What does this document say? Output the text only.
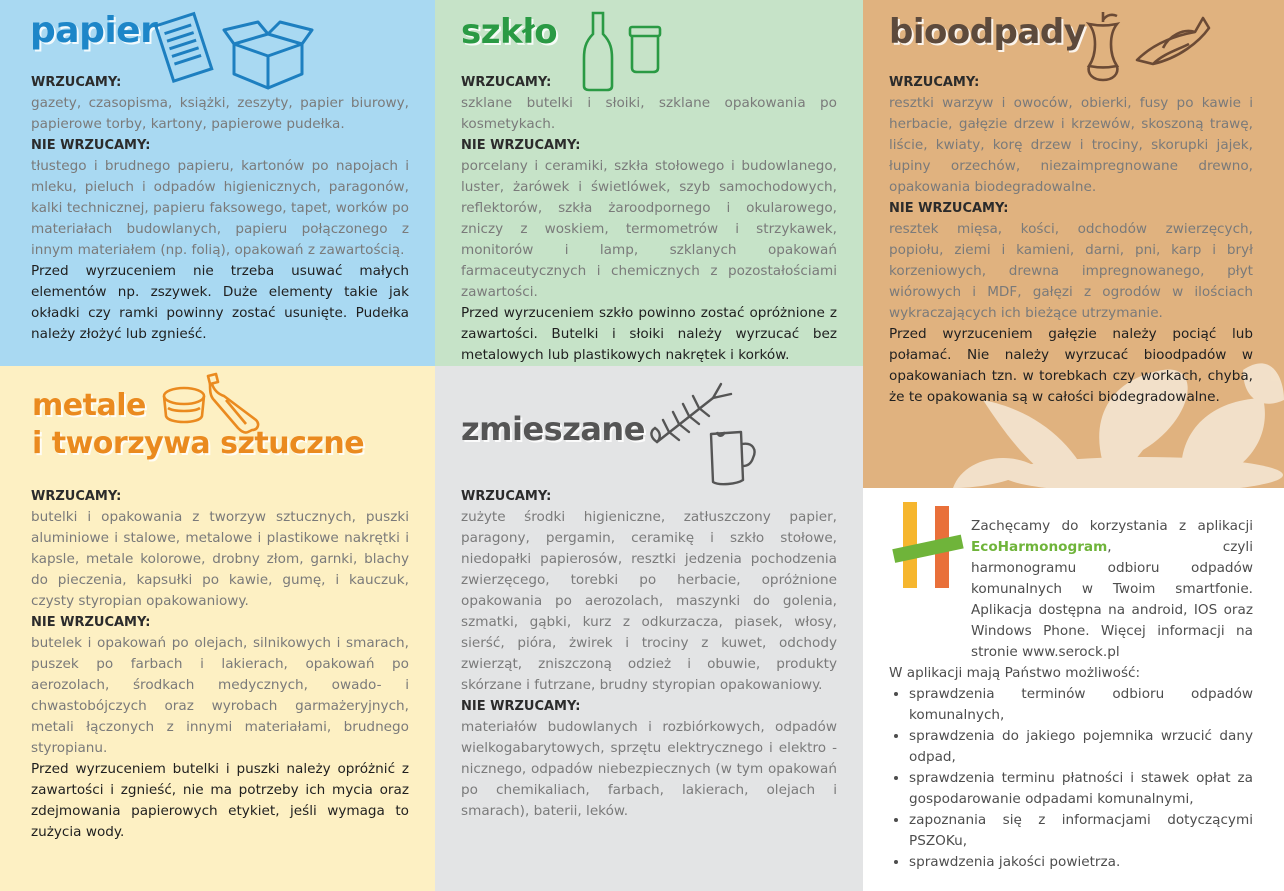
papier
WRZUCAMY:
gazety, czasopisma, książki, zeszyty, papier biurowy, papierowe torby, kartony, papierowe pudełka.
NIE WRZUCAMY:
tłustego i brudnego papieru, kartonów po napojach i mleku, pieluch i odpadów higienicznych, paragonów, kalki technicznej, papieru faksowego, tapet, worków po materiałach budowlanych, papieru połączonego z innym materiałem (np. folią), opakowań z zawartością.
Przed wyrzuceniem nie trzeba usuwać małych elementów np. zszywek. Duże elementy takie jak okładki czy ramki powinny zostać usunięte. Pudełka należy złożyć lub zgnieść.
szkło
WRZUCAMY:
szklane butelki i słoiki, szklane opakowania po kosmetykach.
NIE WRZUCAMY:
porcelany i ceramiki, szkła stołowego i budowlanego, luster, żarówek i świetlówek, szyb samochodowych, reflektorów, szkła żaroodpornego i okularowego, zniczy z woskiem, termometrów i strzykawek, monitorów i lamp, szklanych opakowań farmaceutycznych i chemicznych z pozostałościami zawartości.
Przed wyrzuceniem szkło powinno zostać opróżnione z zawartości. Butelki i słoiki należy wyrzucać bez metalowych lub plastikowych nakrętek i korków.
bioodpady
WRZUCAMY:
resztki warzyw i owoców, obierki, fusy po kawie i herbacie, gałęzie drzew i krzewów, skoszoną trawę, liście, kwiaty, korę drzew i trociny, skorupki jajek, łupiny orzechów, niezaimpregnowane drewno, opakowania biodegradowalne.
NIE WRZUCAMY:
resztek mięsa, kości, odchodów zwierzęcych, popiołu, ziemi i kamieni, darni, pni, karp i brył korzeniowych, drewna impregnowanego, płyt wiórowych i MDF, gałęzi z ogrodów w ilościach wykraczających ich bieżące utrzymanie.
Przed wyrzuceniem gałęzie należy pociąć lub połamać. Nie należy wyrzucać bioodpadów w opakowaniach tzn. w torebkach czy workach, chyba, że te opakowania są w całości biodegradowalne.
metale
i tworzywa sztuczne
WRZUCAMY:
butelki i opakowania z tworzyw sztucznych, puszki aluminiowe i stalowe, metalowe i plastikowe nakrętki i kapsle, metale kolorowe, drobny złom, garnki, blachy do pieczenia, kapsułki po kawie, gumę, i kauczuk, czysty styropian opakowaniowy.
NIE WRZUCAMY:
butelek i opakowań po olejach, silnikowych i smarach, puszek po farbach i lakierach, opakowań po aerozolach, środkach medycznych, owado- i chwastobójczych oraz wyrobach garmażeryjnych, metali łączonych z innymi materiałami, brudnego styropianu.
Przed wyrzuceniem butelki i puszki należy opróżnić z zawartości i zgnieść, nie ma potrzeby ich mycia oraz zdejmowania papierowych etykiet, jeśli wymaga to zużycia wody.
zmieszane
WRZUCAMY:
zużyte środki higieniczne, zatłuszczony papier, paragony, pergamin, ceramikę i szkło stołowe, niedopałki papierosów, resztki jedzenia pochodzenia zwierzęcego, torebki po herbacie, opróżnione opakowania po aerozolach, maszynki do golenia, szmatki, gąbki, kurz z odkurzacza, piasek, włosy, sierść, pióra, żwirek i trociny z kuwet, odchody zwierząt, zniszczoną odzież i obuwie, produkty skórzane i futrzane, brudny styropian opakowaniowy.
NIE WRZUCAMY:
materiałów budowlanych i rozbiórkowych, odpadów wielkogabarytowych, sprzętu elektrycznego i elektro - nicznego, odpadów niebezpiecznych (w tym opakowań po chemikaliach, farbach, lakierach, olejach i smarach), baterii, leków.
Zachęcamy do korzystania z aplikacji EcoHarmonogram, czyli harmonogramu odbioru odpadów komunalnych w Twoim smartfonie. Aplikacja dostępna na android, IOS oraz Windows Phone. Więcej informacji na stronie www.serock.pl
W aplikacji mają Państwo możliwość:
• sprawdzenia terminów odbioru odpadów komunalnych,
• sprawdzenia do jakiego pojemnika wrzucić dany odpad,
• sprawdzenia terminu płatności i stawek opłat za gospodarowanie odpadami komunalnymi,
• zapoznania się z informacjami dotyczącymi PSZOKu,
• sprawdzenia jakości powietrza.
